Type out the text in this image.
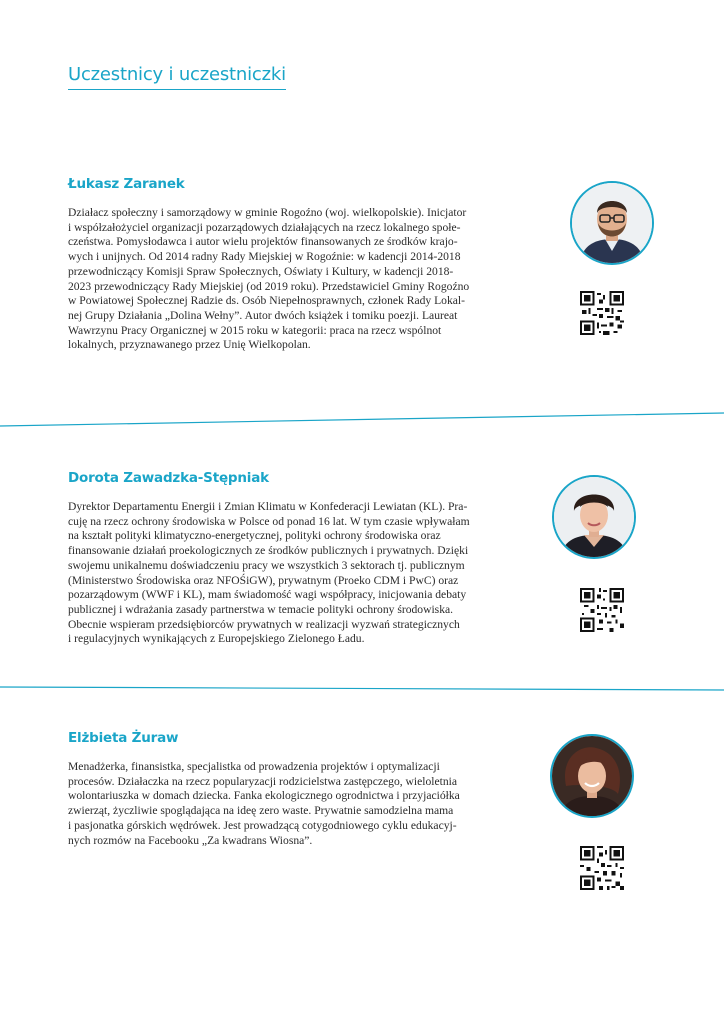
Uczestnicy i uczestniczki
Łukasz Zaranek
Działacz społeczny i samorządowy w gminie Rogoźno (woj. wielkopolskie). Inicjator
i współzałożyciel organizacji pozarządowych działających na rzecz lokalnego społe-
czeństwa. Pomysłodawca i autor wielu projektów finansowanych ze środków krajo-
wych i unijnych. Od 2014 radny Rady Miejskiej w Rogoźnie: w kadencji 2014-2018
przewodniczący Komisji Spraw Społecznych, Oświaty i Kultury, w kadencji 2018-
2023 przewodniczący Rady Miejskiej (od 2019 roku). Przedstawiciel Gminy Rogoźno
w Powiatowej Społecznej Radzie ds. Osób Niepełnosprawnych, członek Rady Lokal-
nej Grupy Działania „Dolina Wełny”. Autor dwóch książek i tomiku poezji. Laureat
Wawrzynu Pracy Organicznej w 2015 roku w kategorii: praca na rzecz wspólnot
lokalnych, przyznawanego przez Unię Wielkopolan.
Dorota Zawadzka-Stępniak
Dyrektor Departamentu Energii i Zmian Klimatu w Konfederacji Lewiatan (KL). Pra-
cuję na rzecz ochrony środowiska w Polsce od ponad 16 lat. W tym czasie wpływałam
na kształt polityki klimatyczno-energetycznej, polityki ochrony środowiska oraz
finansowanie działań proekologicznych ze środków publicznych i prywatnych. Dzięki
swojemu unikalnemu doświadczeniu pracy we wszystkich 3 sektorach tj. publicznym
(Ministerstwo Środowiska oraz NFOŚiGW), prywatnym (Proeko CDM i PwC) oraz
pozarządowym (WWF i KL), mam świadomość wagi współpracy, inicjowania debaty
publicznej i wdrażania zasady partnerstwa w temacie polityki ochrony środowiska.
Obecnie wspieram przedsiębiorców prywatnych w realizacji wyzwań strategicznych
i regulacyjnych wynikających z Europejskiego Zielonego Ładu.
Elżbieta Żuraw
Menadżerka, finansistka, specjalistka od prowadzenia projektów i optymalizacji
procesów. Działaczka na rzecz popularyzacji rodzicielstwa zastępczego, wieloletnia
wolontariuszka w domach dziecka. Fanka ekologicznego ogrodnictwa i przyjaciółka
zwierząt, życzliwie spoglądająca na ideę zero waste. Prywatnie samodzielna mama
i pasjonatka górskich wędrówek. Jest prowadzącą cotygodniowego cyklu edukacyj-
nych rozmów na Facebooku „Za kwadrans Wiosna”.
